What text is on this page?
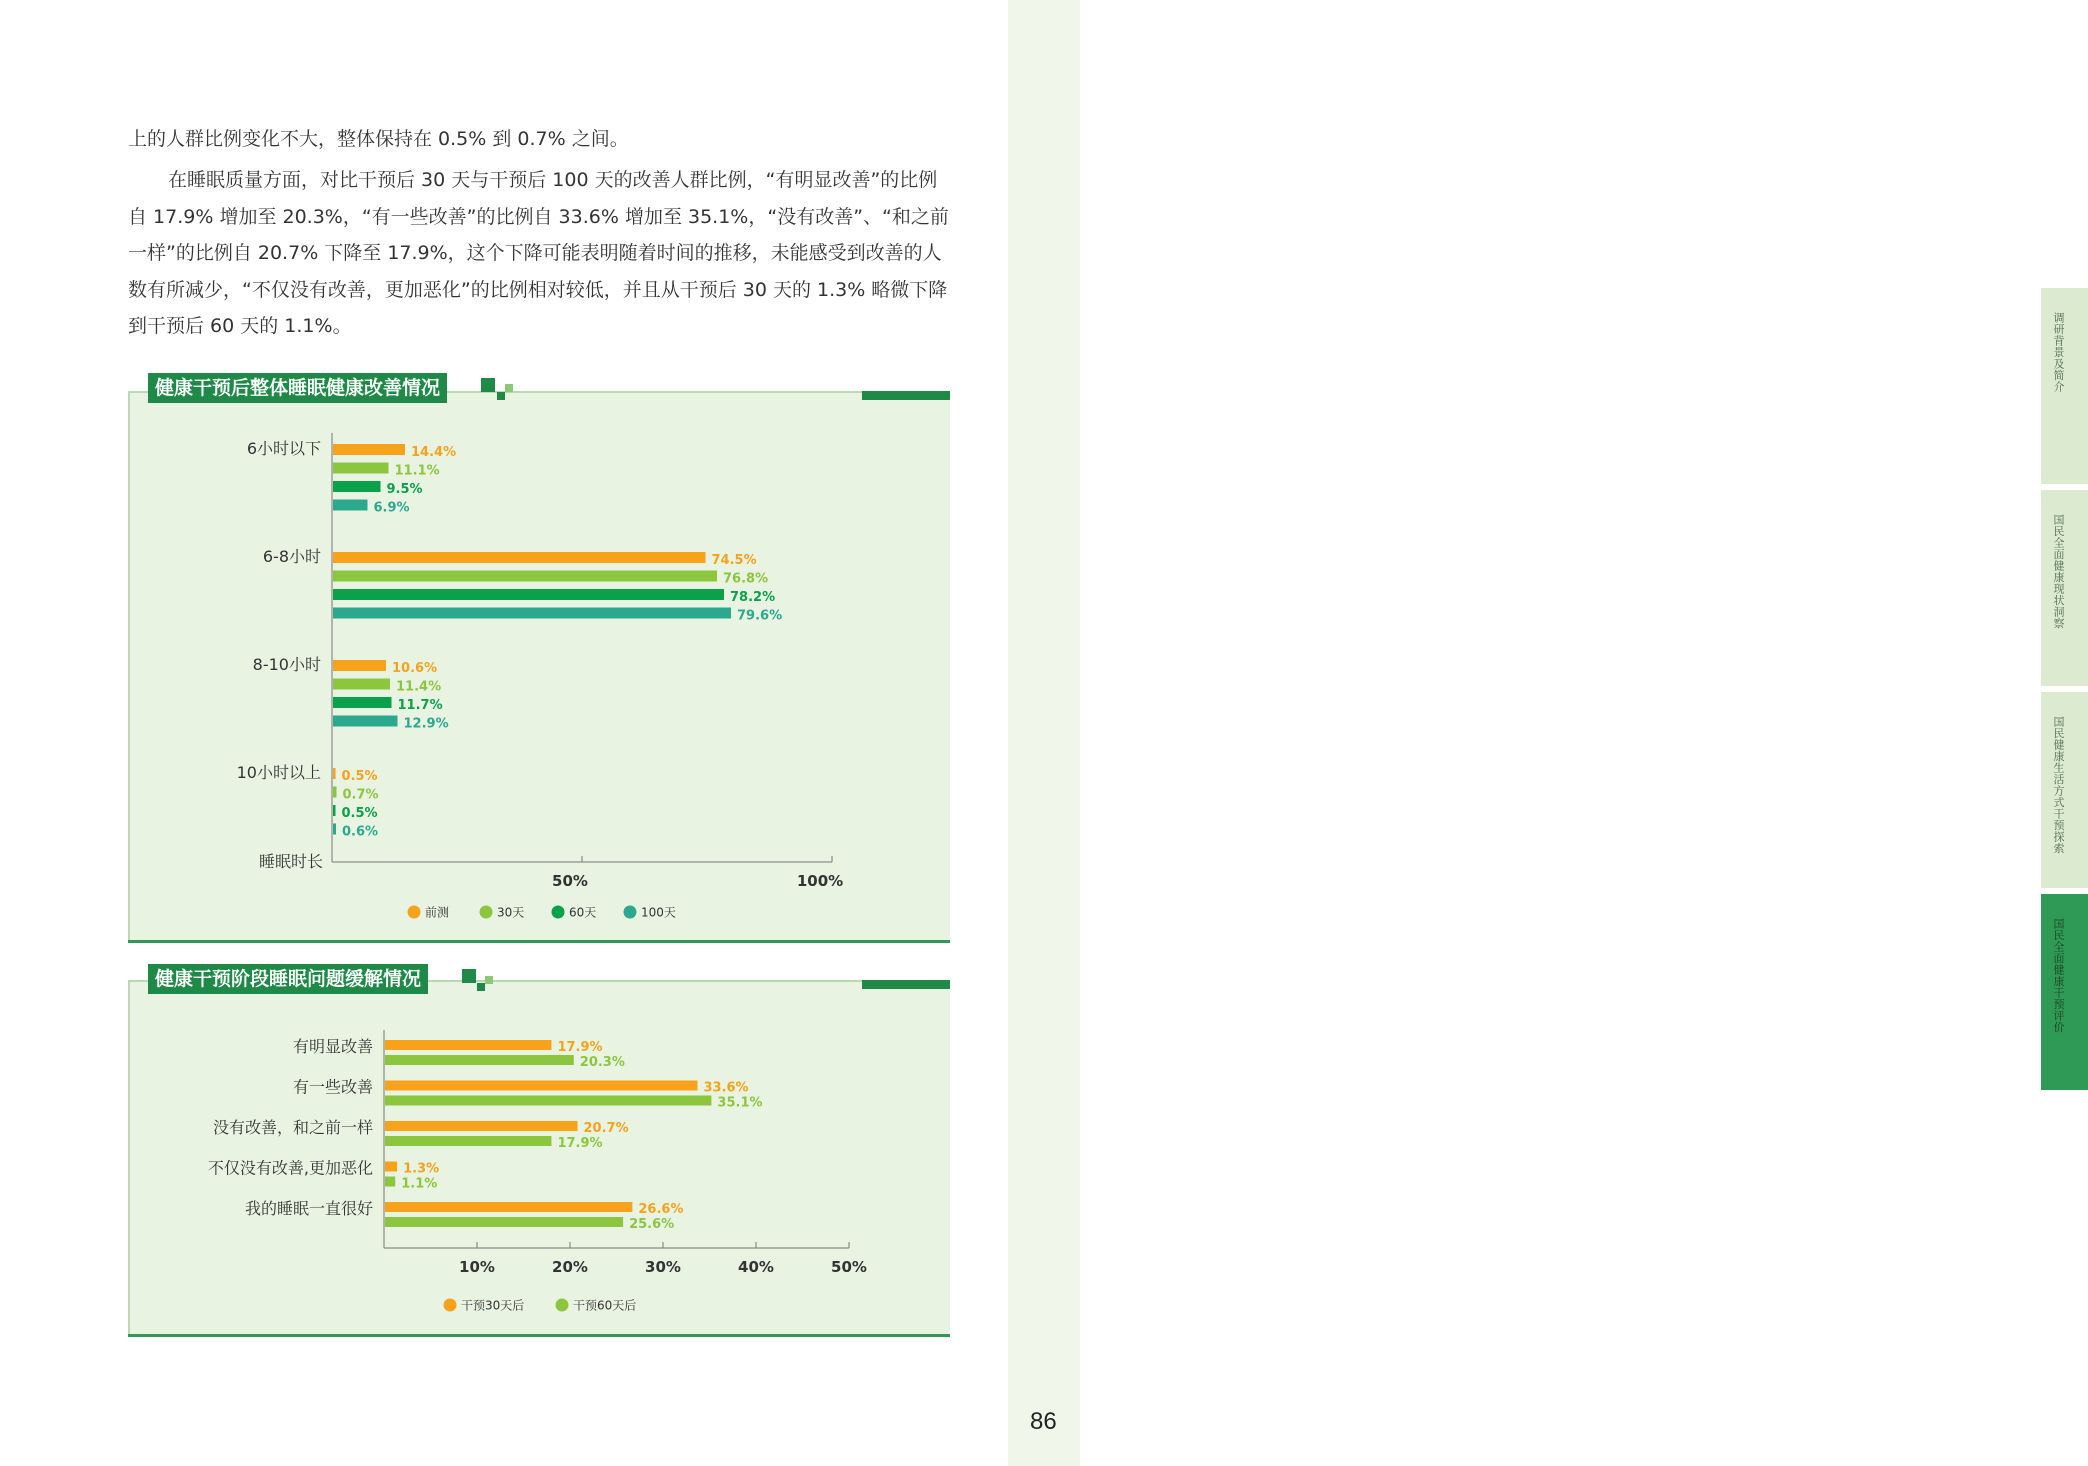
调研背景及简介
国民全面健康现状洞察
国民健康生活方式干预探索
国民全面健康干预评价

上的人群比例变化不大，整体保持在 0.5% 到 0.7% 之间。

在睡眠质量方面，对比干预后 30 天与干预后 100 天的改善人群比例，“有明显改善”的比例自 17.9% 增加至 20.3%，“有一些改善”的比例自 33.6% 增加至 35.1%，“没有改善”、“和之前一样”的比例自 20.7% 下降至 17.9%，这个下降可能表明随着时间的推移，未能感受到改善的人数有所减少，“不仅没有改善，更加恶化”的比例相对较低，并且从干预后 30 天的 1.3% 略微下降到干预后 60 天的 1.1%。

50%	100%
6小时以下	14.4%
11.1%
9.5%
6.9%
6-8小时	74.5%
76.8%
78.2%
79.6%
8-10小时	10.6%
11.4%
11.7%
12.9%
10小时以上 0.5%
0.7%
0.5%
0.6%
睡眠时长
前测	30天	60天	100天
健康干预后整体睡眠健康改善情况
10%	20%	30%	40%	50%
有明显改善	17.9%
20.3%
有一些改善	33.6%
35.1%
没有改善，和之前一样	20.7%
17.9%
不仅没有改善,更加恶化 1.3%
1.1%
我的睡眠一直很好	26.6%
25.6%
干预30天后	干预60天后
健康干预阶段睡眠问题缓解情况
86
